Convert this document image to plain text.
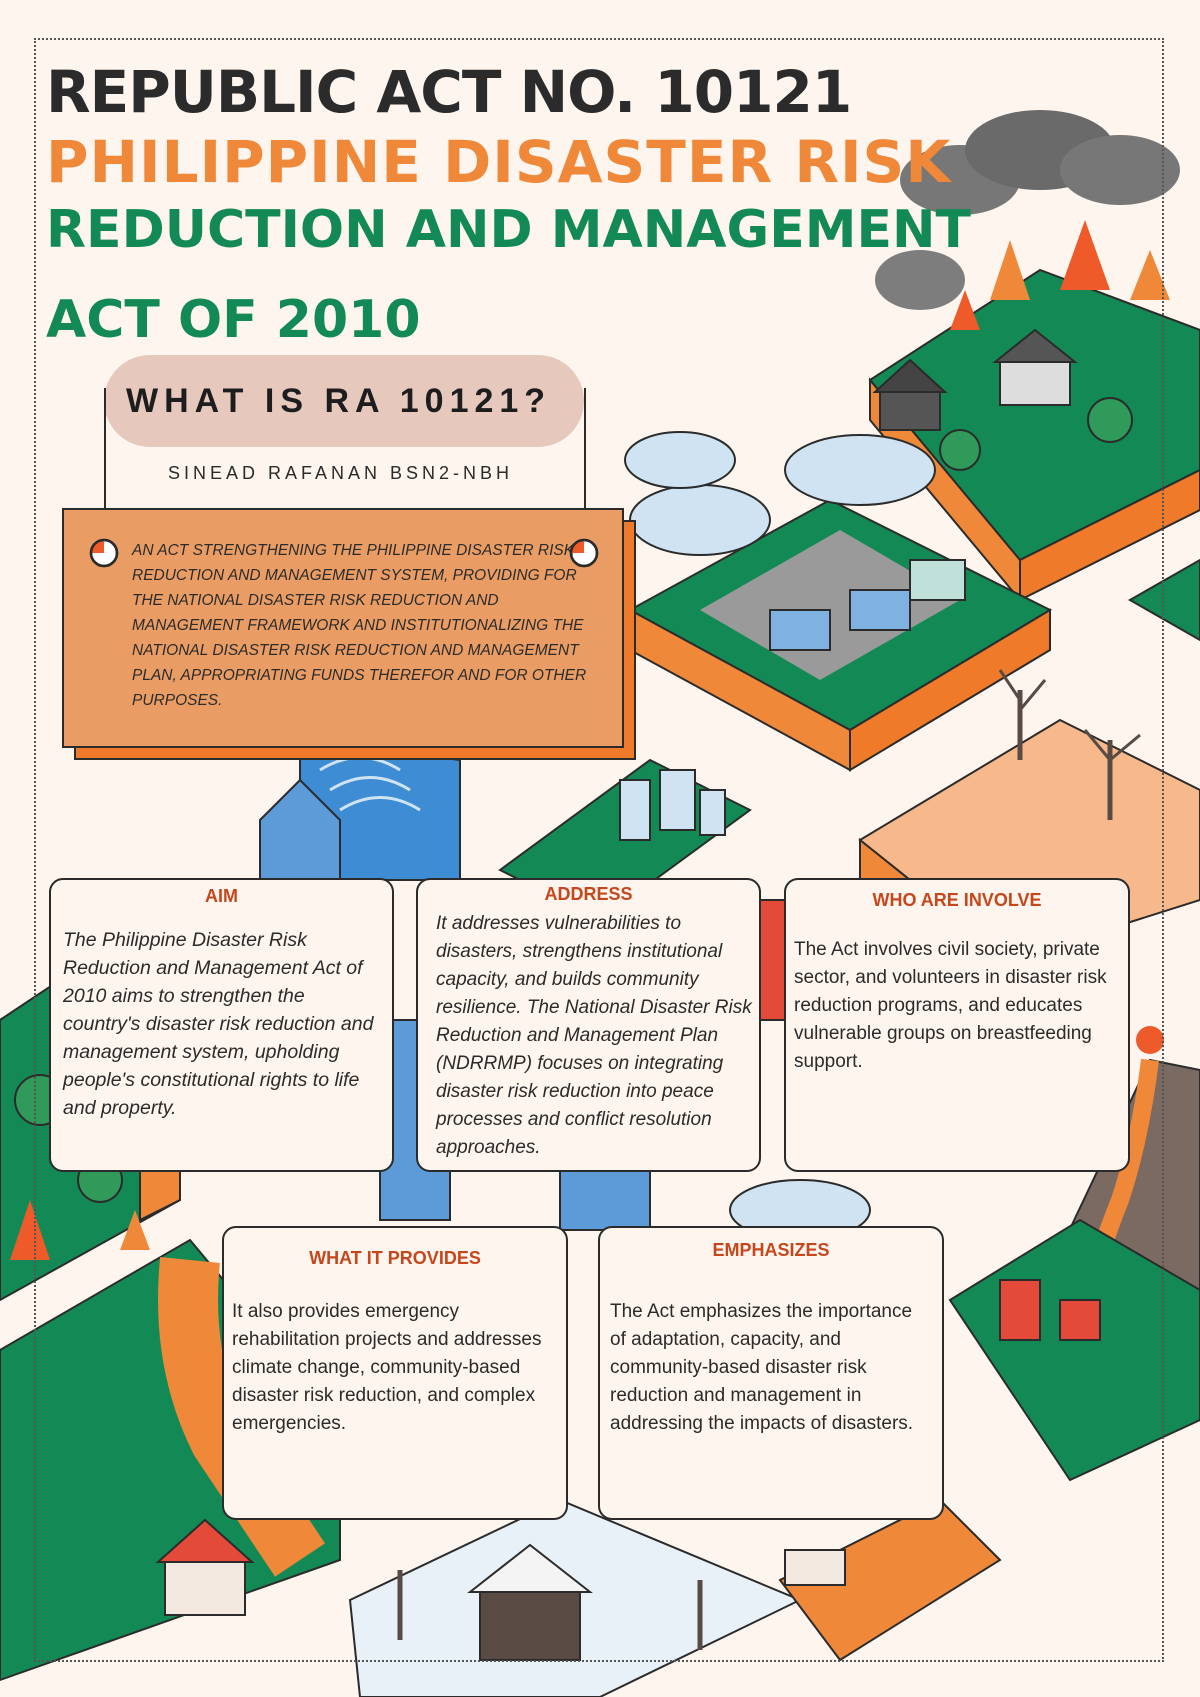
REPUBLIC ACT NO. 10121
PHILIPPINE DISASTER RISK
REDUCTION AND MANAGEMENT
ACT OF 2010
WHAT IS RA 10121?
SINEAD RAFANAN BSN2-NBH
AN ACT STRENGTHENING THE PHILIPPINE DISASTER RISK REDUCTION AND MANAGEMENT SYSTEM, PROVIDING FOR THE NATIONAL DISASTER RISK REDUCTION AND MANAGEMENT FRAMEWORK AND INSTITUTIONALIZING THE NATIONAL DISASTER RISK REDUCTION AND MANAGEMENT PLAN, APPROPRIATING FUNDS THEREFOR AND FOR OTHER PURPOSES.
AIM
The Philippine Disaster Risk Reduction and Management Act of 2010 aims to strengthen the country's disaster risk reduction and management system, upholding people's constitutional rights to life and property.
ADDRESS
It addresses vulnerabilities to disasters, strengthens institutional capacity, and builds community resilience. The National Disaster Risk Reduction and Management Plan (NDRRMP) focuses on integrating disaster risk reduction into peace processes and conflict resolution approaches.
WHO ARE INVOLVE
The Act involves civil society, private sector, and volunteers in disaster risk reduction programs, and educates vulnerable groups on breastfeeding support.
WHAT IT PROVIDES
It also provides emergency rehabilitation projects and addresses climate change, community-based disaster risk reduction, and complex emergencies.
EMPHASIZES
The Act emphasizes the importance of adaptation, capacity, and community-based disaster risk reduction and management in addressing the impacts of disasters.
